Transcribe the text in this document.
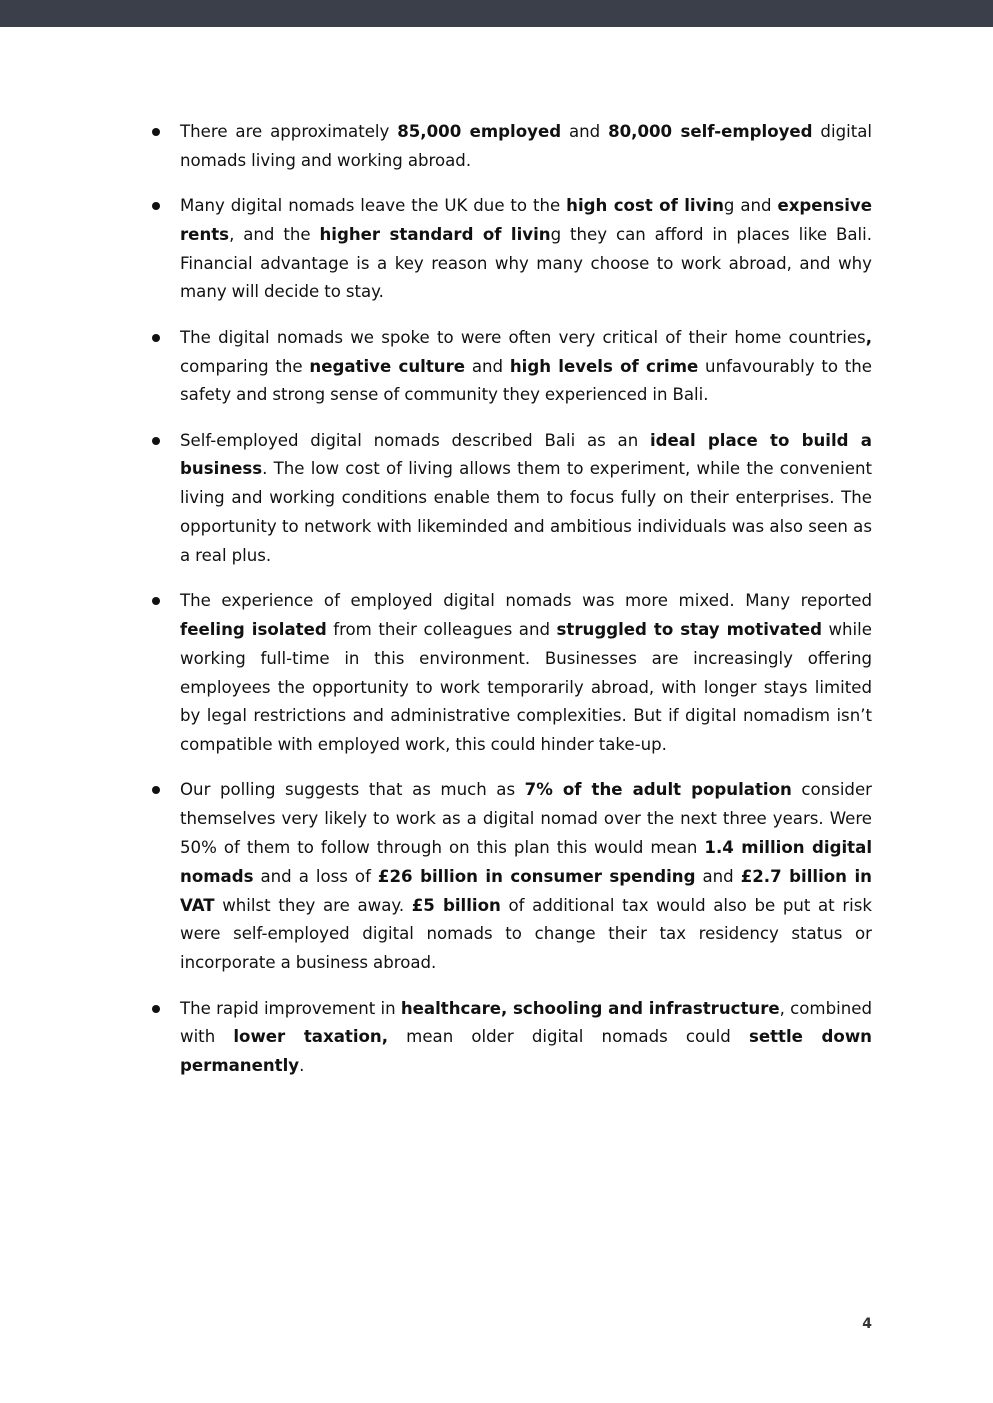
There are approximately 85,000 employed and 80,000 self-employed digital nomads living and working abroad.
Many digital nomads leave the UK due to the high cost of living and expensive rents, and the higher standard of living they can afford in places like Bali. Financial advantage is a key reason why many choose to work abroad, and why many will decide to stay.
The digital nomads we spoke to were often very critical of their home countries, comparing the negative culture and high levels of crime unfavourably to the safety and strong sense of community they experienced in Bali.
Self-employed digital nomads described Bali as an ideal place to build a business. The low cost of living allows them to experiment, while the convenient living and working conditions enable them to focus fully on their enterprises. The opportunity to network with likeminded and ambitious individuals was also seen as a real plus.
The experience of employed digital nomads was more mixed. Many reported feeling isolated from their colleagues and struggled to stay motivated while working full-time in this environment. Businesses are increasingly offering employees the opportunity to work temporarily abroad, with longer stays limited by legal restrictions and administrative complexities. But if digital nomadism isn’t compatible with employed work, this could hinder take-up.
Our polling suggests that as much as 7% of the adult population consider themselves very likely to work as a digital nomad over the next three years. Were 50% of them to follow through on this plan this would mean 1.4 million digital nomads and a loss of £26 billion in consumer spending and £2.7 billion in VAT whilst they are away. £5 billion of additional tax would also be put at risk were self-employed digital nomads to change their tax residency status or incorporate a business abroad.
The rapid improvement in healthcare, schooling and infrastructure, combined with lower taxation, mean older digital nomads could settle down permanently.
4
